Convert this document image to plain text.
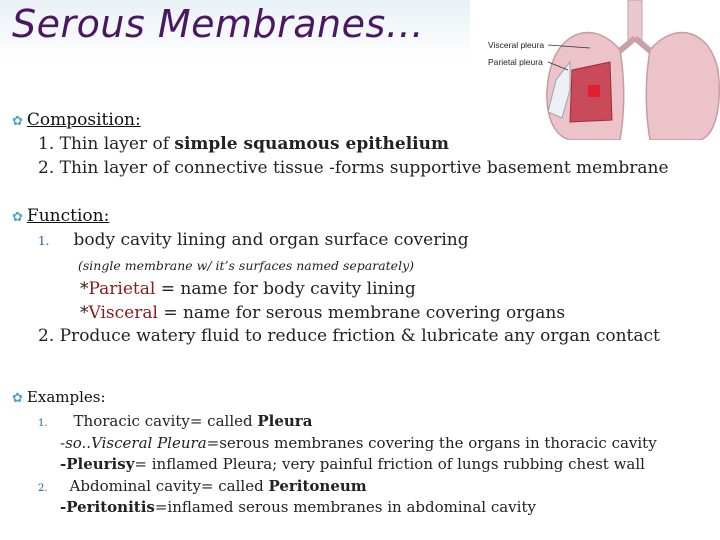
Serous Membranes…	Visceral pleura
Parietal pleura
✿ Composition:
1. Thin layer of simple squamous epithelium
2. Thin layer of connective tissue -forms supportive basement membrane
✿ Function:
1. body cavity lining and organ surface covering
(single membrane w/ it’s surfaces named separately)
*Parietal = name for body cavity lining
*Visceral = name for serous membrane covering organs
2. Produce watery fluid to reduce friction & lubricate any organ contact
✿ Examples:
1. Thoracic cavity= called Pleura
-so..Visceral Pleura=serous membranes covering the organs in thoracic cavity
-Pleurisy= inflamed Pleura; very painful friction of lungs rubbing chest wall
2. Abdominal cavity= called Peritoneum
-Peritonitis=inflamed serous membranes in abdominal cavity
